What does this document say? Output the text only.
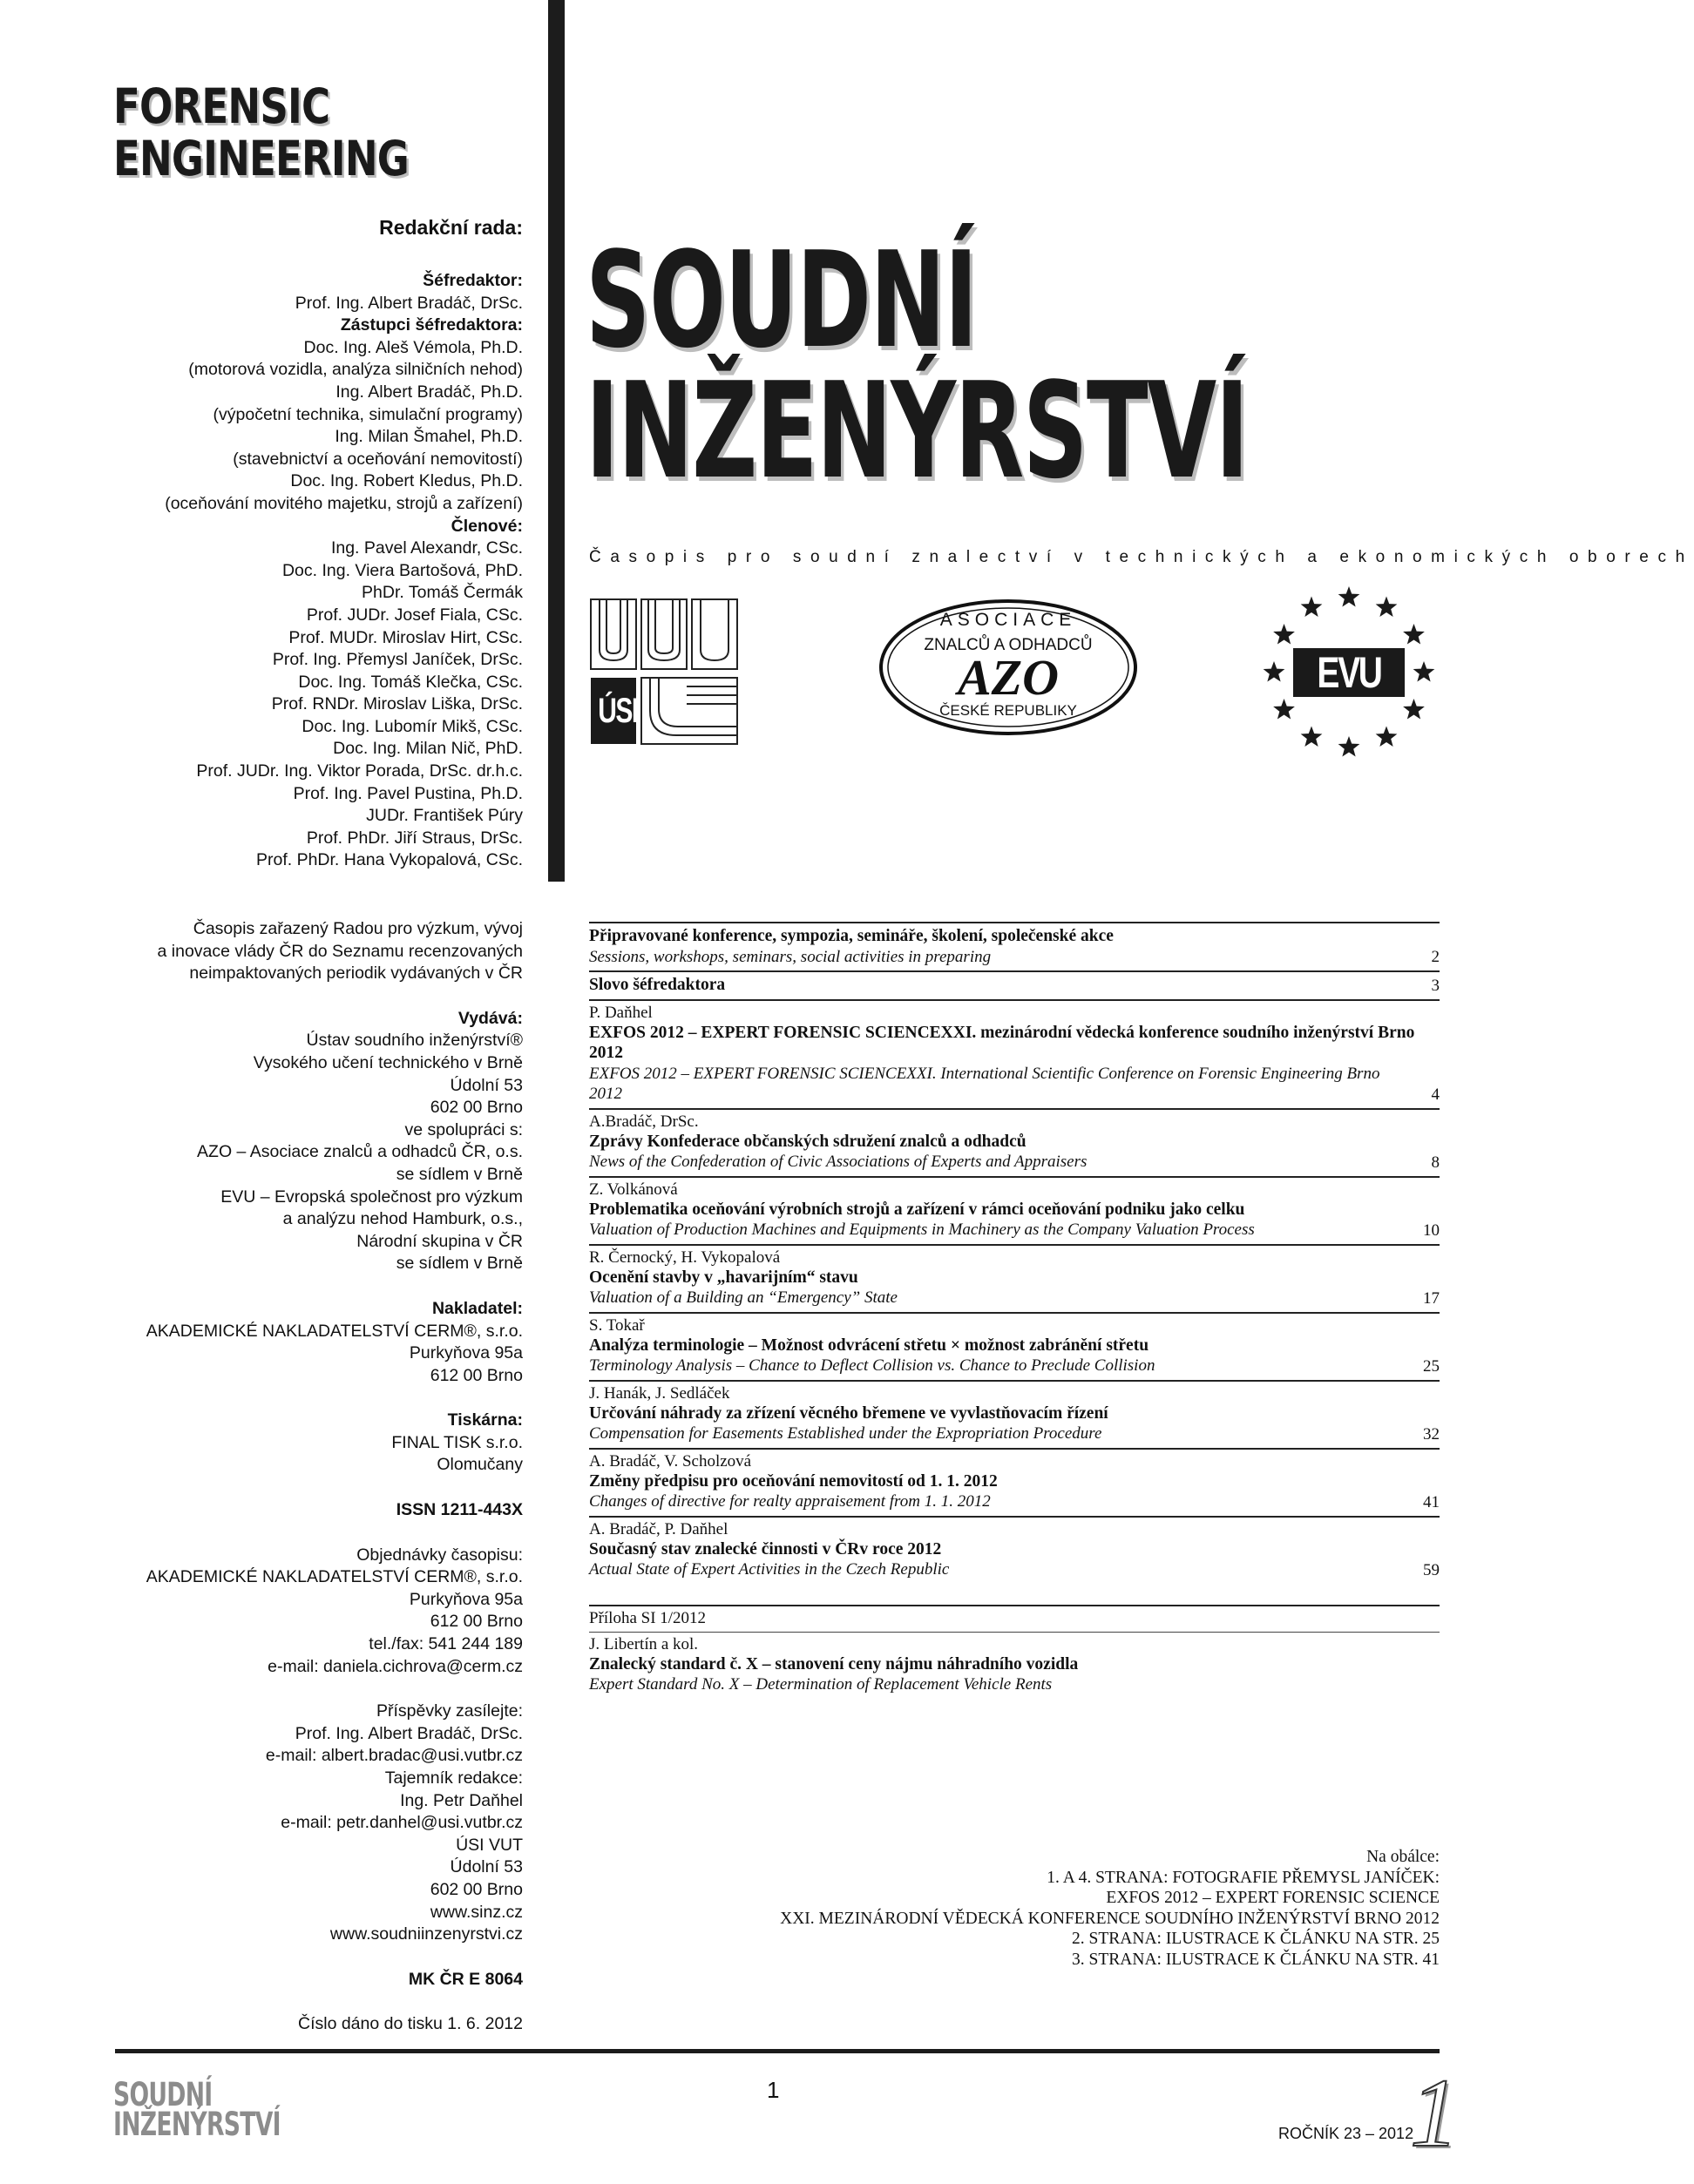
FORENSIC
ENGINEERING
Redakční rada:
Šéfredaktor:
Prof. Ing. Albert Bradáč, DrSc.
Zástupci šéfredaktora:
Doc. Ing. Aleš Vémola, Ph.D.
(motorová vozidla, analýza silničních nehod)
Ing. Albert Bradáč, Ph.D.
(výpočetní technika, simulační programy)
Ing. Milan Šmahel, Ph.D.
(stavebnictví a oceňování nemovitostí)
Doc. Ing. Robert Kledus, Ph.D.
(oceňování movitého majetku, strojů a zařízení)
Členové:
Ing. Pavel Alexandr, CSc.
Doc. Ing. Viera Bartošová, PhD.
PhDr. Tomáš Čermák
Prof. JUDr. Josef Fiala, CSc.
Prof. MUDr. Miroslav Hirt, CSc.
Prof. Ing. Přemysl Janíček, DrSc.
Doc. Ing. Tomáš Klečka, CSc.
Prof. RNDr. Miroslav Liška, DrSc.
Doc. Ing. Lubomír Mikš, CSc.
Doc. Ing. Milan Nič, PhD.
Prof. JUDr. Ing. Viktor Porada, DrSc. dr.h.c.
Prof. Ing. Pavel Pustina, Ph.D.
JUDr. František Púry
Prof. PhDr. Jiří Straus, DrSc.
Prof. PhDr. Hana Vykopalová, CSc.
SOUDNÍ
INŽENÝRSTVÍ
Časopis pro soudní znalectví v technických a ekonomických oborech
ÚSI
ASOCIACE
ZNALCŮ A ODHADCŮ
AZO
ČESKÉ REPUBLIKY
EVU
Časopis zařazený Radou pro výzkum, vývoj
a inovace vlády ČR do Seznamu recenzovaných
neimpaktovaných periodik vydávaných v ČR
Vydává:
Ústav soudního inženýrství®
Vysokého učení technického v Brně
Údolní 53
602 00 Brno
ve spolupráci s:
AZO – Asociace znalců a odhadců ČR, o.s.
se sídlem v Brně
EVU – Evropská společnost pro výzkum
a analýzu nehod Hamburk, o.s.,
Národní skupina v ČR
se sídlem v Brně
Nakladatel:
AKADEMICKÉ NAKLADATELSTVÍ CERM®, s.r.o.
Purkyňova 95a
612 00 Brno
Tiskárna:
FINAL TISK s.r.o.
Olomučany
ISSN 1211-443X
Objednávky časopisu:
AKADEMICKÉ NAKLADATELSTVÍ CERM®, s.r.o.
Purkyňova 95a
612 00 Brno
tel./fax: 541 244 189
e-mail: daniela.cichrova@cerm.cz
Příspěvky zasílejte:
Prof. Ing. Albert Bradáč, DrSc.
e-mail: albert.bradac@usi.vutbr.cz
Tajemník redakce:
Ing. Petr Daňhel
e-mail: petr.danhel@usi.vutbr.cz
ÚSI VUT
Údolní 53
602 00 Brno
www.sinz.cz
www.soudniinzenyrstvi.cz
MK ČR E 8064
Číslo dáno do tisku 1. 6. 2012
Připravované konference, sympozia, semináře, školení, společenské akce
Sessions, workshops, seminars, social activities in preparing	2
Slovo šéfredaktora	3
P. Daňhel
EXFOS 2012 – EXPERT FORENSIC SCIENCEXXI. mezinárodní vědecká konference soudního inženýrství Brno 2012
EXFOS 2012 – EXPERT FORENSIC SCIENCEXXI. International Scientific Conference on Forensic Engineering Brno 2012	4
A.Bradáč, DrSc.
Zprávy Konfederace občanských sdružení znalců a odhadců
News of the Confederation of Civic Associations of Experts and Appraisers	8
Z. Volkánová
Problematika oceňování výrobních strojů a zařízení v rámci oceňování podniku jako celku
Valuation of Production Machines and Equipments in Machinery as the Company Valuation Process	10
R. Černocký, H. Vykopalová
Ocenění stavby v „havarijním“ stavu
Valuation of a Building an “Emergency” State	17
S. Tokař
Analýza terminologie – Možnost odvrácení střetu × možnost zabránění střetu
Terminology Analysis – Chance to Deflect Collision vs. Chance to Preclude Collision	25
J. Hanák, J. Sedláček
Určování náhrady za zřízení věcného břemene ve vyvlastňovacím řízení
Compensation for Easements Established under the Expropriation Procedure	32
A. Bradáč, V. Scholzová
Změny předpisu pro oceňování nemovitostí od 1. 1. 2012
Changes of directive for realty appraisement from 1. 1. 2012	41
A. Bradáč, P. Daňhel
Současný stav znalecké činnosti v ČRv roce 2012
Actual State of Expert Activities in the Czech Republic	59
Příloha SI 1/2012
J. Libertín a kol.
Znalecký standard č. X – stanovení ceny nájmu náhradního vozidla
Expert Standard No. X – Determination of Replacement Vehicle Rents
Na obálce:
1. A 4. STRANA: FOTOGRAFIE PŘEMYSL JANÍČEK:
EXFOS 2012 – EXPERT FORENSIC SCIENCE
XXI. MEZINÁRODNÍ VĚDECKÁ KONFERENCE SOUDNÍHO INŽENÝRSTVÍ BRNO 2012
2. STRANA: ILUSTRACE K ČLÁNKU NA STR. 25
3. STRANA: ILUSTRACE K ČLÁNKU NA STR. 41
SOUDNÍ
INŽENÝRSTVÍ
1
ROČNÍK 23 – 2012
1
